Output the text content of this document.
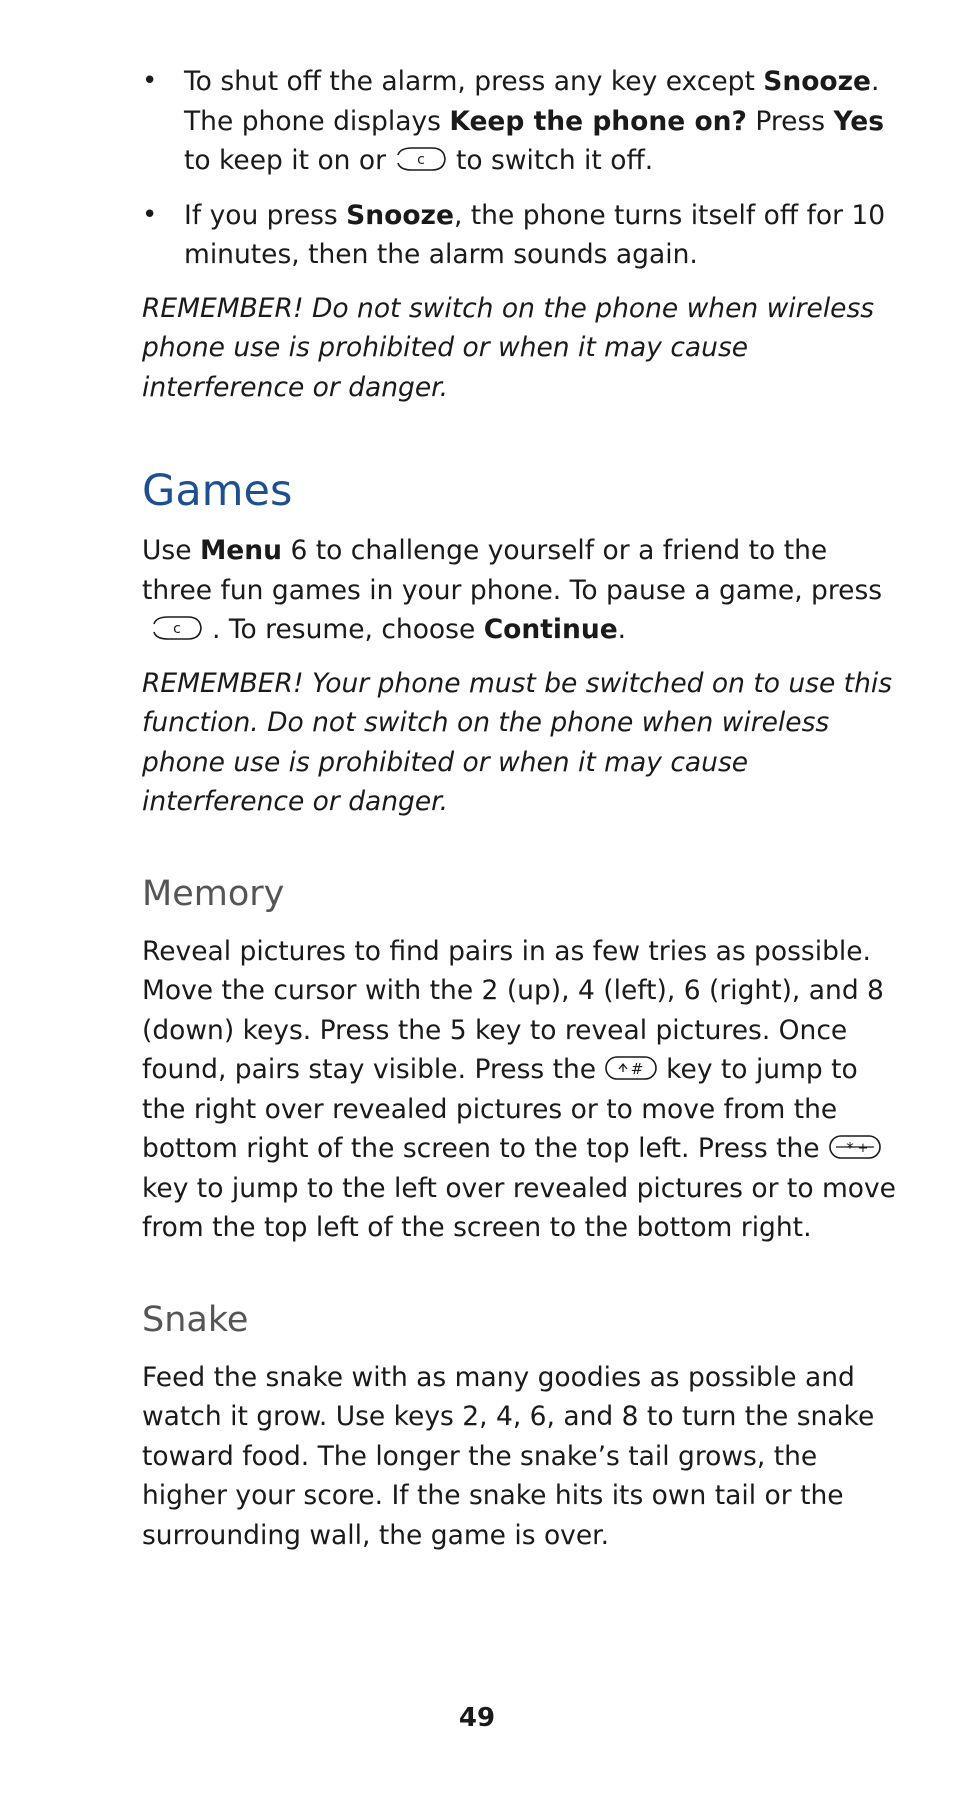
• To shut off the alarm, press any key except Snooze. The phone displays Keep the phone on? Press Yes to keep it on or c to switch it off.
• If you press Snooze, the phone turns itself off for 10 minutes, then the alarm sounds again.

REMEMBER! Do not switch on the phone when wireless phone use is prohibited or when it may cause interference or danger.

Games

Use Menu 6 to challenge yourself or a friend to the three fun games in your phone. To pause a game, press
c . To resume, choose Continue.

REMEMBER! Your phone must be switched on to use this function. Do not switch on the phone when wireless phone use is prohibited or when it may cause interference or danger.

Memory

Reveal pictures to find pairs in as few tries as possible. Move the cursor with the 2 (up), 4 (left), 6 (right), and 8 (down) keys. Press the 5 key to reveal pictures. Once found, pairs stay visible. Press the # key to jump to the right over revealed pictures or to move from the bottom right of the screen to the top left. Press the * +
key to jump to the left over revealed pictures or to move from the top left of the screen to the bottom right.

Snake

Feed the snake with as many goodies as possible and watch it grow. Use keys 2, 4, 6, and 8 to turn the snake toward food. The longer the snake’s tail grows, the higher your score. If the snake hits its own tail or the surrounding wall, the game is over.

49
